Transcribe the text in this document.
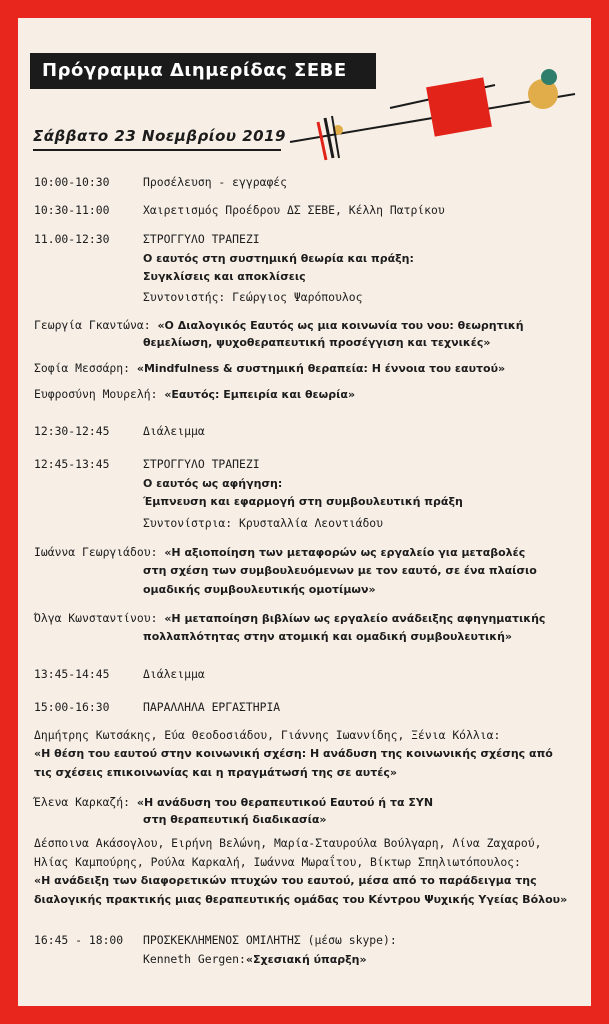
Πρόγραμμα Διημερίδας ΣΕΒΕ
Σάββατο 23 Νοεμβρίου 2019
10:00-10:30	Προσέλευση - εγγραφές
10:30-11:00	Χαιρετισμός Προέδρου ΔΣ ΣΕΒΕ, Κέλλη Πατρίκου
11.00-12:30	ΣΤΡΟΓΓΥΛΟ ΤΡΑΠΕΖΙ
Ο εαυτός στη συστημική θεωρία και πράξη:
Συγκλίσεις και αποκλίσεις
Συντονιστής: Γεώργιος Ψαρόπουλος
Γεωργία Γκαντώνα: «Ο Διαλογικός Εαυτός ως μια κοινωνία του νου: θεωρητική
θεμελίωση, ψυχοθεραπευτική προσέγγιση και τεχνικές»
Σοφία Μεσσάρη: «Mindfulness & συστημική θεραπεία: Η έννοια του εαυτού»
Ευφροσύνη Μουρελή: «Εαυτός: Εμπειρία και θεωρία»
12:30-12:45	Διάλειμμα
12:45-13:45	ΣΤΡΟΓΓΥΛΟ ΤΡΑΠΕΖΙ
Ο εαυτός ως αφήγηση:
Έμπνευση και εφαρμογή στη συμβουλευτική πράξη
Συντονίστρια: Κρυσταλλία Λεοντιάδου
Ιωάννα Γεωργιάδου: «Η αξιοποίηση των μεταφορών ως εργαλείο για μεταβολές
στη σχέση των συμβουλευόμενων με τον εαυτό, σε ένα πλαίσιο
ομαδικής συμβουλευτικής ομοτίμων»
Όλγα Κωνσταντίνου: «Η μεταποίηση βιβλίων ως εργαλείο ανάδειξης αφηγηματικής
πολλαπλότητας στην ατομική και ομαδική συμβουλευτική»
13:45-14:45	Διάλειμμα
15:00-16:30	ΠΑΡΑΛΛΗΛΑ ΕΡΓΑΣΤΗΡΙΑ
Δημήτρης Κωτσάκης, Εύα Θεοδοσιάδου, Γιάννης Ιωαννίδης, Ξένια Κόλλια:
«Η θέση του εαυτού στην κοινωνική σχέση: Η ανάδυση της κοινωνικής σχέσης από
τις σχέσεις επικοινωνίας και η πραγμάτωσή της σε αυτές»
Έλενα Καρκαζή: «Η ανάδυση του θεραπευτικού Εαυτού ή τα ΣΥΝ
στη θεραπευτική διαδικασία»
Δέσποινα Ακάσογλου, Ειρήνη Βελώνη, Μαρία-Σταυρούλα Βούλγαρη, Λίνα Ζαχαρού,
Ηλίας Καμπούρης, Ρούλα Καρκαλή, Ιωάννα Μωραΐτου, Βίκτωρ Σπηλιωτόπουλος:
«Η ανάδειξη των διαφορετικών πτυχών του εαυτού, μέσα από το παράδειγμα της
διαλογικής πρακτικής μιας θεραπευτικής ομάδας του Κέντρου Ψυχικής Υγείας Βόλου»
16:45 - 18:00 ΠΡΟΣΚΕΚΛΗΜΕΝΟΣ ΟΜΙΛΗΤΗΣ (μέσω skype):
Kenneth Gergen:«Σχεσιακή ύπαρξη»
